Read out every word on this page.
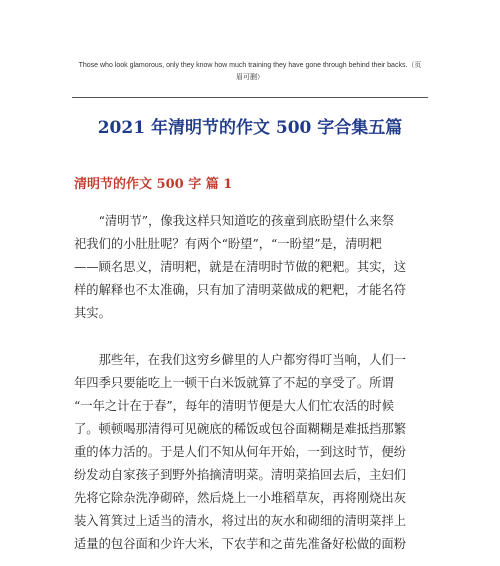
Those who look glamorous, only they know how much training they have gone through behind their backs.（页
眉可删）
2021 年清明节的作文 500 字合集五篇
清明节的作文 500 字 篇 1
　　“清明节”，像我这样只知道吃的孩童到底盼望什么来祭
祀我们的小肚肚呢？有两个“盼望”，“一盼望”是，清明粑
——顾名思义，清明粑，就是在清明时节做的粑粑。其实，这
样的解释也不太准确，只有加了清明菜做成的粑粑，才能名符
其实。
　　那些年，在我们这穷乡僻里的人户都穷得叮当响，人们一
年四季只要能吃上一顿干白米饭就算了不起的享受了。所谓
“一年之计在于春”，每年的清明节便是大人们忙农活的时候
了。顿顿喝那清得可见碗底的稀饭或包谷面糊糊是难抵挡那繁
重的体力活的。于是人们不知从何年开始，一到这时节，便纷
纷发动自家孩子到野外掐摘清明菜。清明菜掐回去后，主妇们
先将它除杂洗净砌碎，然后烧上一小堆稻草灰，再将刚烧出灰
装入筲箕过上适当的清水，将过出的灰水和砌细的清明菜拌上
适量的包谷面和少许大米，下农芋和之苗先准备好松做的面粉
